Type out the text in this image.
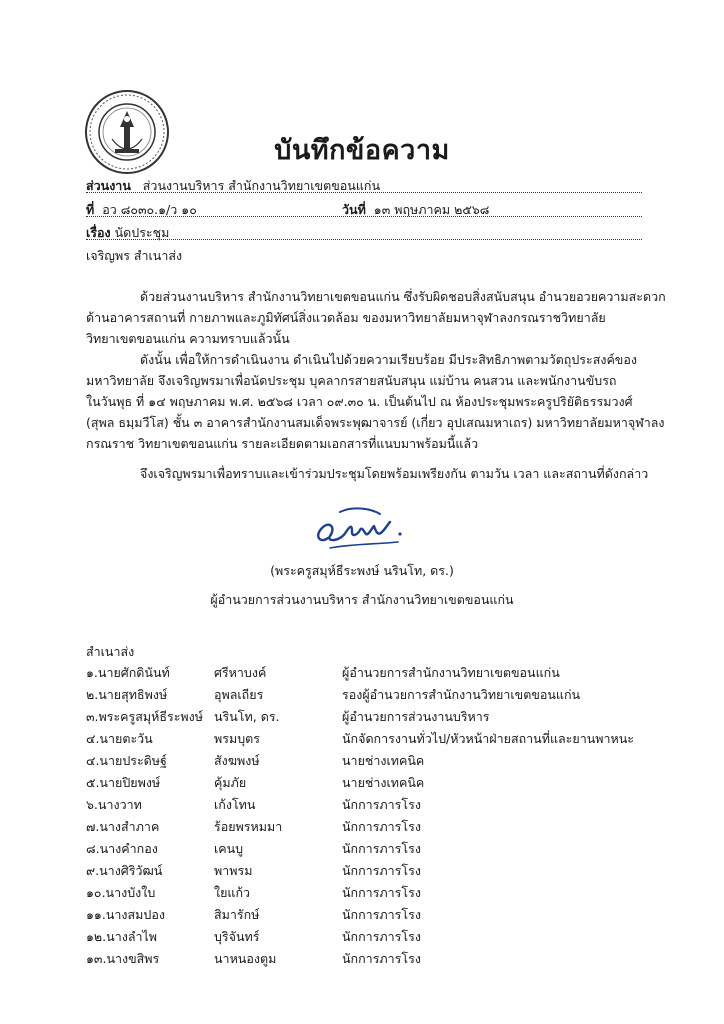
บันทึกข้อความ
ส่วนงาน ส่วนงานบริหาร สำนักงานวิทยาเขตขอนแก่น
ที่ อว ๘๐๓๐.๑/ว ๑๐	วันที่ ๑๓ พฤษภาคม ๒๕๖๘
เรื่อง นัดประชุม
เจริญพร สำเนาส่ง
ด้วยส่วนงานบริหาร สำนักงานวิทยาเขตขอนแก่น ซึ่งรับผิดชอบสิ่งสนับสนุน อำนวยอวยความสะดวก
ด้านอาคารสถานที่ กายภาพและภูมิทัศน์สิ่งแวดล้อม ของมหาวิทยาลัยมหาจุฬาลงกรณราชวิทยาลัย
วิทยาเขตขอนแก่น ความทราบแล้วนั้น
ดังนั้น เพื่อให้การดำเนินงาน ดำเนินไปด้วยความเรียบร้อย มีประสิทธิภาพตามวัตถุประสงค์ของ
มหาวิทยาลัย จึงเจริญพรมาเพื่อนัดประชุม บุคลากรสายสนับสนุน แม่บ้าน คนสวน และพนักงานขับรถ
ในวันพุธ ที่ ๑๔ พฤษภาคม พ.ศ. ๒๕๖๘ เวลา ๐๙.๓๐ น. เป็นต้นไป ณ ห้องประชุมพระครูปริยัติธรรมวงศ์
(สุพล ธมฺมวีโส) ชั้น ๓ อาคารสำนักงานสมเด็จพระพุฒาจารย์ (เกี่ยว อุปเสณมหาเถร) มหาวิทยาลัยมหาจุฬาลง
กรณราช วิทยาเขตขอนแก่น รายละเอียดตามเอกสารที่แนบมาพร้อมนี้แล้ว
จึงเจริญพรมาเพื่อทราบและเข้าร่วมประชุมโดยพร้อมเพรียงกัน ตามวัน เวลา และสถานที่ดังกล่าว
(พระครูสมุห์ธีระพงษ์ นรินโท, ดร.)
ผู้อำนวยการส่วนงานบริหาร สำนักงานวิทยาเขตขอนแก่น
สำเนาส่ง
๑.นายศักดินันท์	ศรีหาบงค์	ผู้อำนวยการสำนักงานวิทยาเขตขอนแก่น
๒.นายสุทธิพงษ์	อุพลเถียร	รองผู้อำนวยการสำนักงานวิทยาเขตขอนแก่น
๓.พระครูสมุห์ธีระพงษ์ นรินโท, ดร.	ผู้อำนวยการส่วนงานบริหาร
๔.นายตะวัน	พรมบุตร	นักจัดการงานทั่วไป/หัวหน้าฝ่ายสถานที่และยานพาหนะ
๔.นายประดิษฐ์	สังฆพงษ์	นายช่างเทคนิค
๕.นายปิยพงษ์	คุ้มภัย	นายช่างเทคนิค
๖.นางวาท	เก้งโทน	นักการภารโรง
๗.นางสำภาค	ร้อยพรหมมา	นักการภารโรง
๘.นางคำกอง	เคนบู	นักการภารโรง
๙.นางศิริวัฒน์	พาพรม	นักการภารโรง
๑๐.นางบังใบ	ใยแก้ว	นักการภารโรง
๑๑.นางสมปอง	สิมารักษ์	นักการภารโรง
๑๒.นางลำไพ	บุริจันทร์	นักการภารโรง
๑๓.นางขสิพร	นาหนองตูม	นักการภารโรง
